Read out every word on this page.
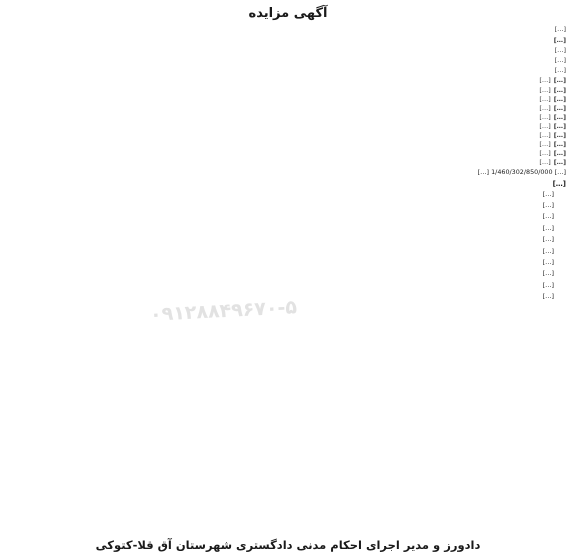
۰۹۱۲۸۸۴۹۶۷۰-۵
آگهی مزایده

[…]

[…]

[…]

[…]

[…]

[…][…]

[…][…]

[…][…]

[…][…]

[…][…]

[…][…]

[…][…]

[…][…]

[…][…]

[…][…]

[…] 1/460/302/850/000 […]

[…]
[…]
[…]
[…]
[…]
[…]
[…]
[…]
[…]
[…]
[…]
دادورز و مدیر اجرای احکام مدنی دادگستری شهرستان آق قلا-کتوکی
